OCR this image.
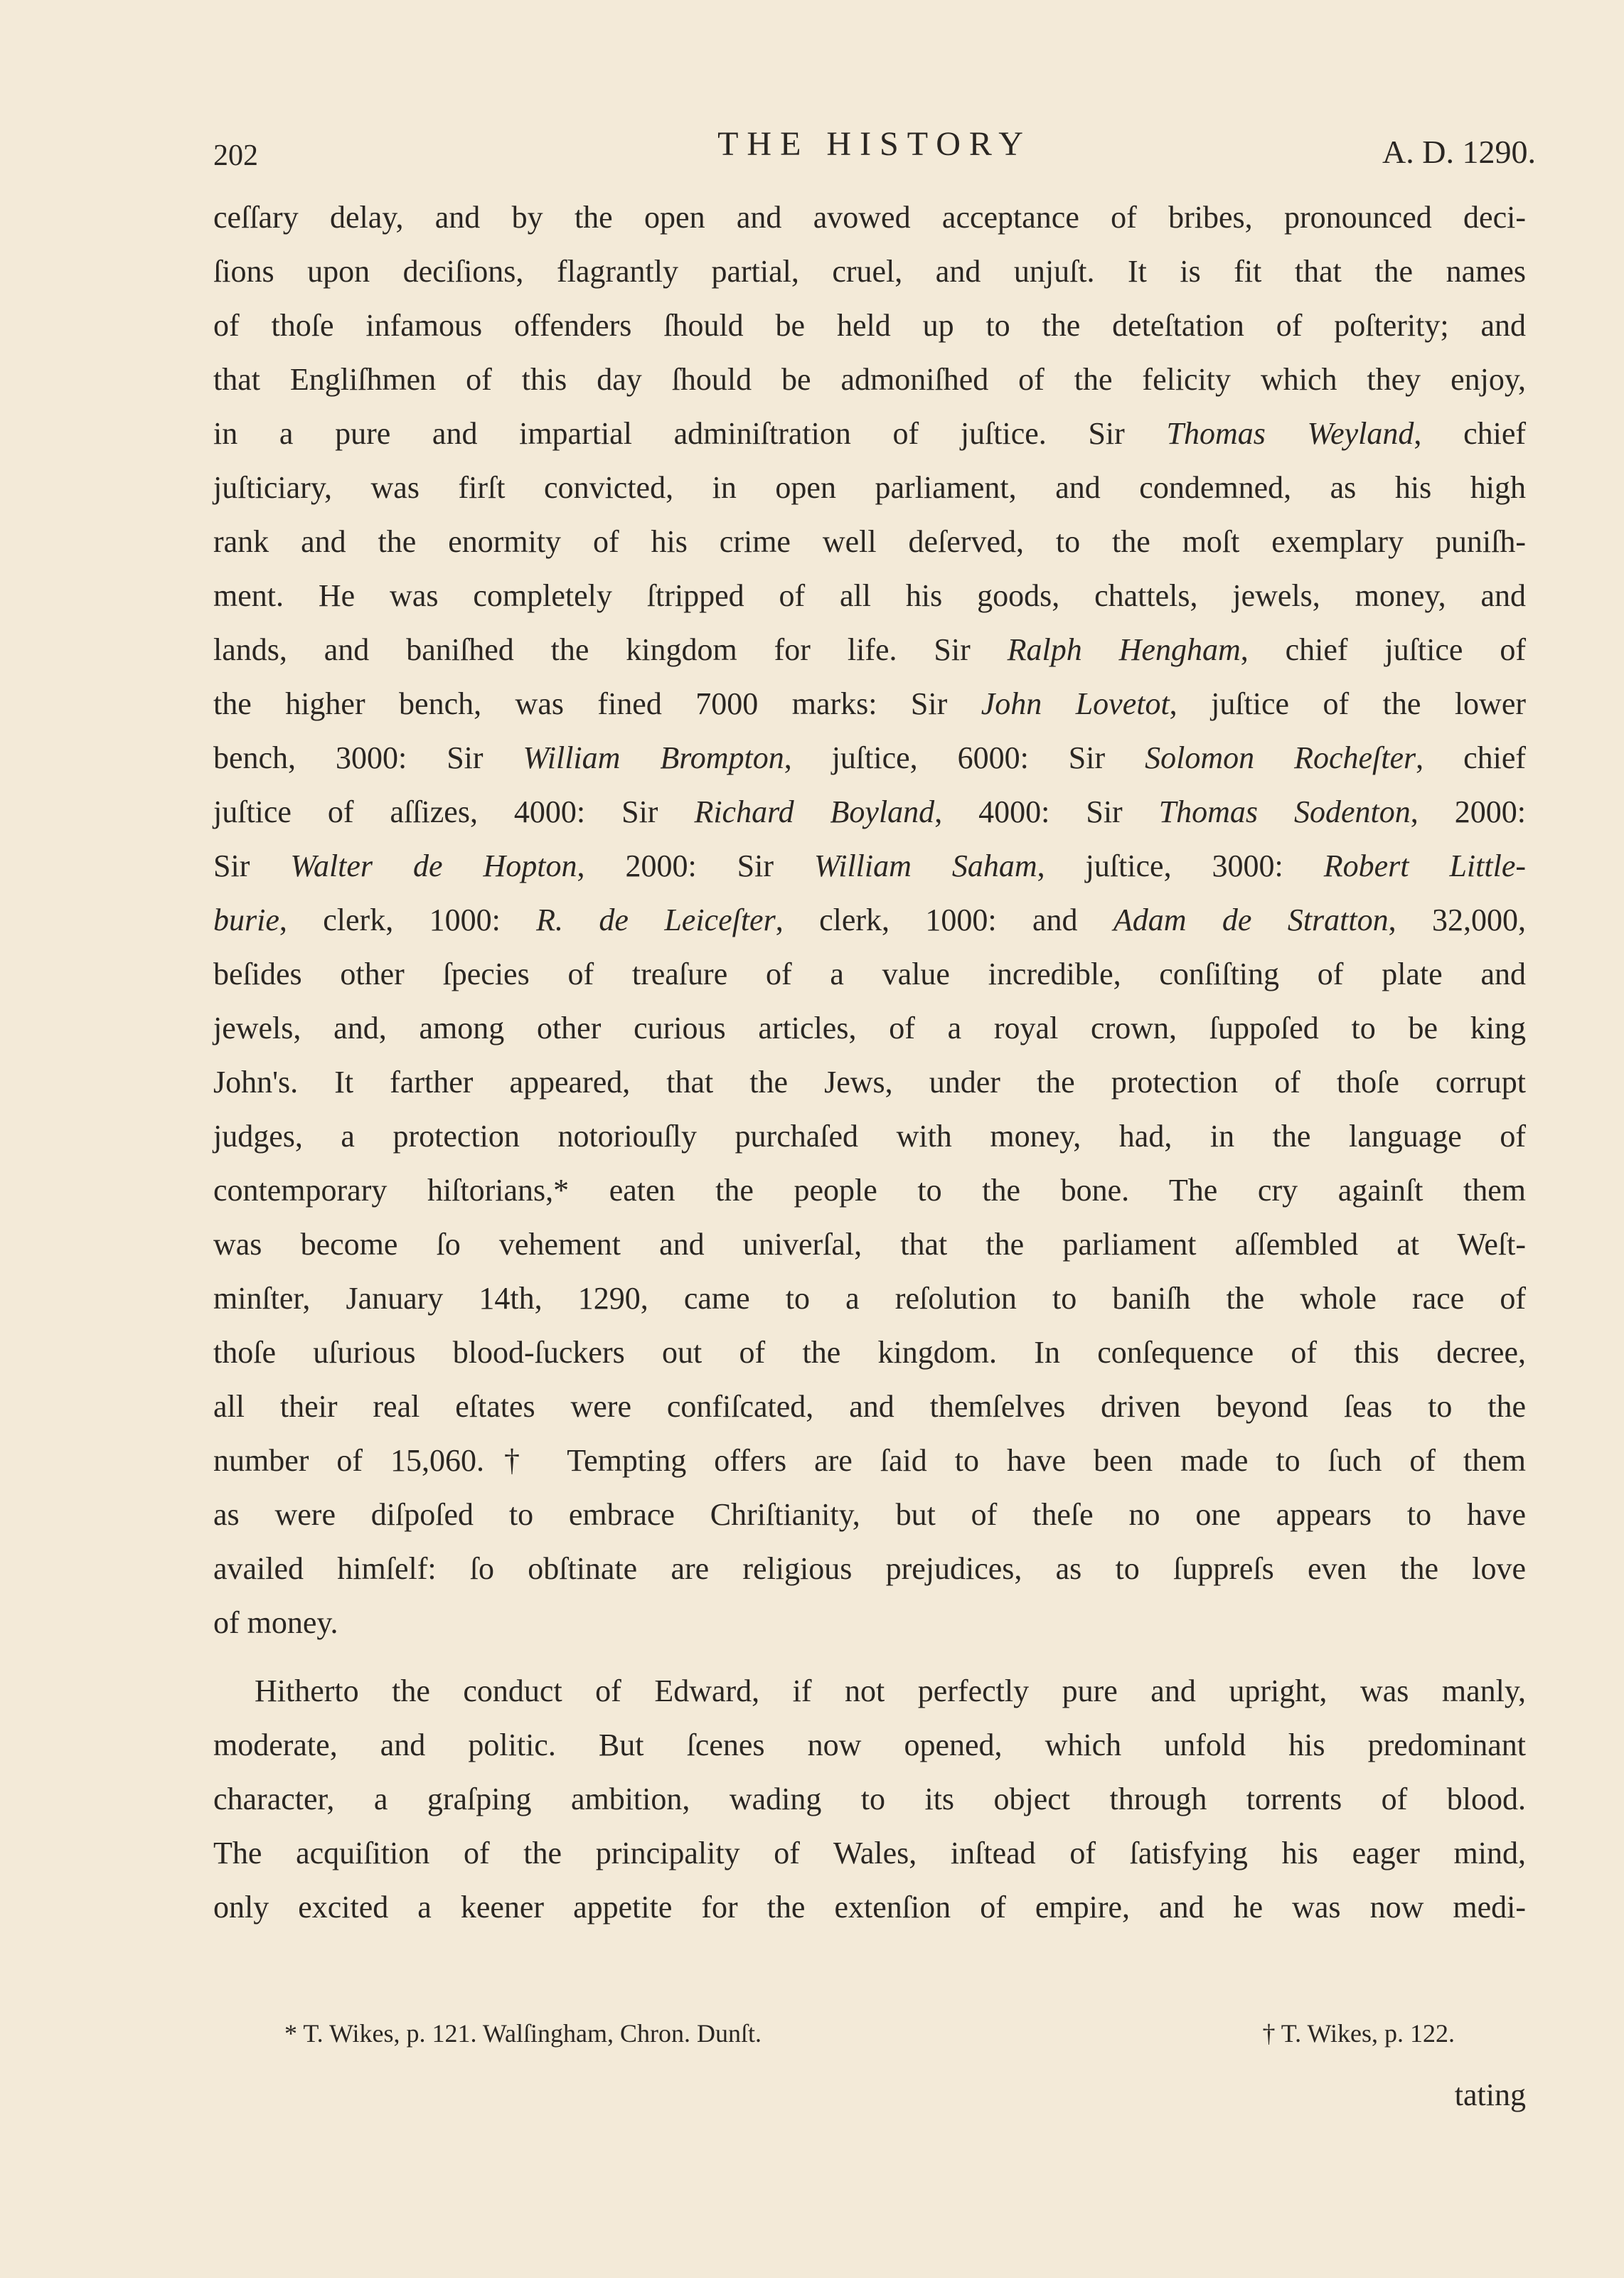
202	THE HISTORY	A. D. 1290.
ceſſary delay, and by the open and avowed acceptance of bribes, pronounced deci-
ſions upon deciſions, flagrantly partial, cruel, and unjuſt. It is fit that the names
of thoſe infamous offenders ſhould be held up to the deteſtation of poſterity; and
that Engliſhmen of this day ſhould be admoniſhed of the felicity which they enjoy,
in a pure and impartial adminiſtration of juſtice. Sir Thomas Weyland, chief
juſticiary, was firſt convicted, in open parliament, and condemned, as his high
rank and the enormity of his crime well deſerved, to the moſt exemplary puniſh-
ment. He was completely ſtripped of all his goods, chattels, jewels, money, and
lands, and baniſhed the kingdom for life. Sir Ralph Hengham, chief juſtice of
the higher bench, was fined 7000 marks: Sir John Lovetot, juſtice of the lower
bench, 3000: Sir William Brompton, juſtice, 6000: Sir Solomon Rocheſter, chief
juſtice of aſſizes, 4000: Sir Richard Boyland, 4000: Sir Thomas Sodenton, 2000:
Sir Walter de Hopton, 2000: Sir William Saham, juſtice, 3000: Robert Little-
burie, clerk, 1000: R. de Leiceſter, clerk, 1000: and Adam de Stratton, 32,000,
beſides other ſpecies of treaſure of a value incredible, conſiſting of plate and
jewels, and, among other curious articles, of a royal crown, ſuppoſed to be king
John's. It farther appeared, that the Jews, under the protection of thoſe corrupt
judges, a protection notoriouſly purchaſed with money, had, in the language of
contemporary hiſtorians,* eaten the people to the bone. The cry againſt them
was become ſo vehement and univerſal, that the parliament aſſembled at Weſt-
minſter, January 14th, 1290, came to a reſolution to baniſh the whole race of
thoſe uſurious blood-ſuckers out of the kingdom. In conſequence of this decree,
all their real eſtates were confiſcated, and themſelves driven beyond ſeas to the
number of 15,060.† Tempting offers are ſaid to have been made to ſuch of them
as were diſpoſed to embrace Chriſtianity, but of theſe no one appears to have
availed himſelf: ſo obſtinate are religious prejudices, as to ſuppreſs even the love
of money.
Hitherto the conduct of Edward, if not perfectly pure and upright, was manly,
moderate, and politic. But ſcenes now opened, which unfold his predominant
character, a graſping ambition, wading to its object through torrents of blood.
The acquiſition of the principality of Wales, inſtead of ſatisfying his eager mind,
only excited a keener appetite for the extenſion of empire, and he was now medi-
* T. Wikes, p. 121. Walſingham, Chron. Dunſt.	† T. Wikes, p. 122.
tating
